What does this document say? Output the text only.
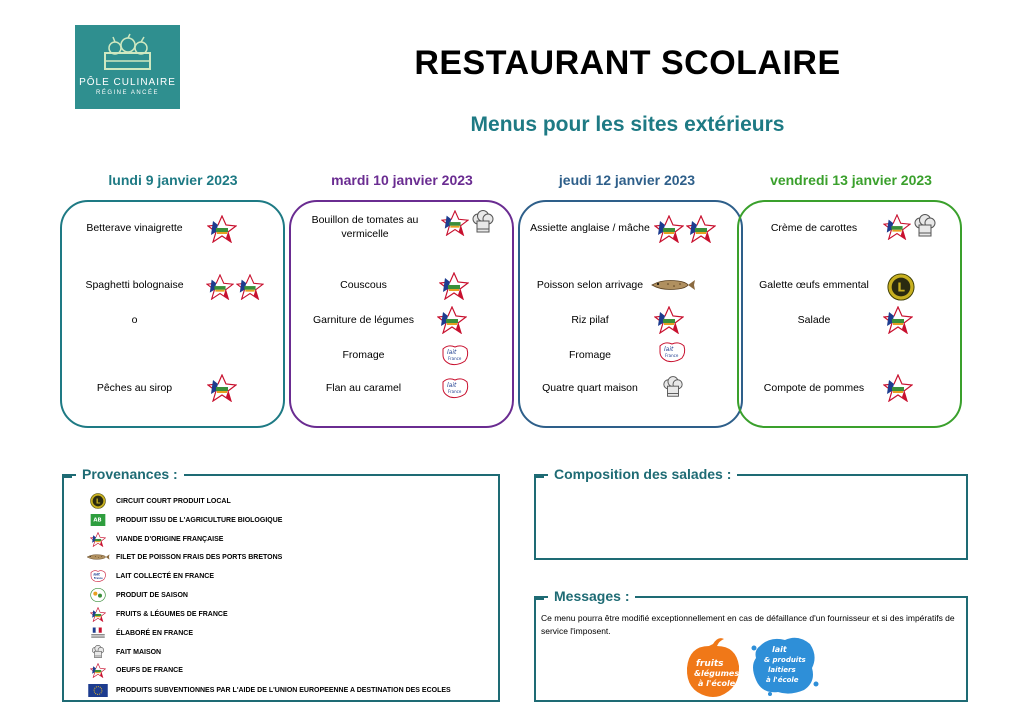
PÔLE CULINAIRE
RÉGINE ANCÉE
RESTAURANT SCOLAIRE
Menus pour les sites extérieurs
lundi 9 janvier 2023	mardi 10 janvier 2023	jeudi 12 janvier 2023	vendredi 13 janvier 2023
Betterave vinaigrette
Spaghetti bolognaise
o
Pêches au sirop
Bouillon de tomates au vermicelle
Couscous
Garniture de légumes
Fromage
Flan au caramel
Assiette anglaise / mâche
Poisson selon arrivage
Riz pilaf
Fromage
Quatre quart maison
Crème de carottes
Galette œufs emmental
Salade
Compote de pommes
Provenances :
CIRCUIT COURT PRODUIT LOCAL
PRODUIT ISSU DE L'AGRICULTURE BIOLOGIQUE
VIANDE D'ORIGINE FRANÇAISE
FILET DE POISSON FRAIS DES PORTS BRETONS
LAIT COLLECTÉ EN FRANCE
PRODUIT DE SAISON
FRUITS & LÉGUMES DE FRANCE
ÉLABORÉ EN FRANCE
FAIT MAISON
OEUFS DE FRANCE
PRODUITS SUBVENTIONNES PAR L'AIDE DE L'UNION EUROPEENNE A DESTINATION DES ECOLES
Composition des salades :
Messages :
Ce menu pourra être modifié exceptionnellement en cas de défaillance d'un fournisseur et si des impératifs de service l'imposent.
fruits
&légumes
à l'école
lait
& produits
laitiers
à l'école
